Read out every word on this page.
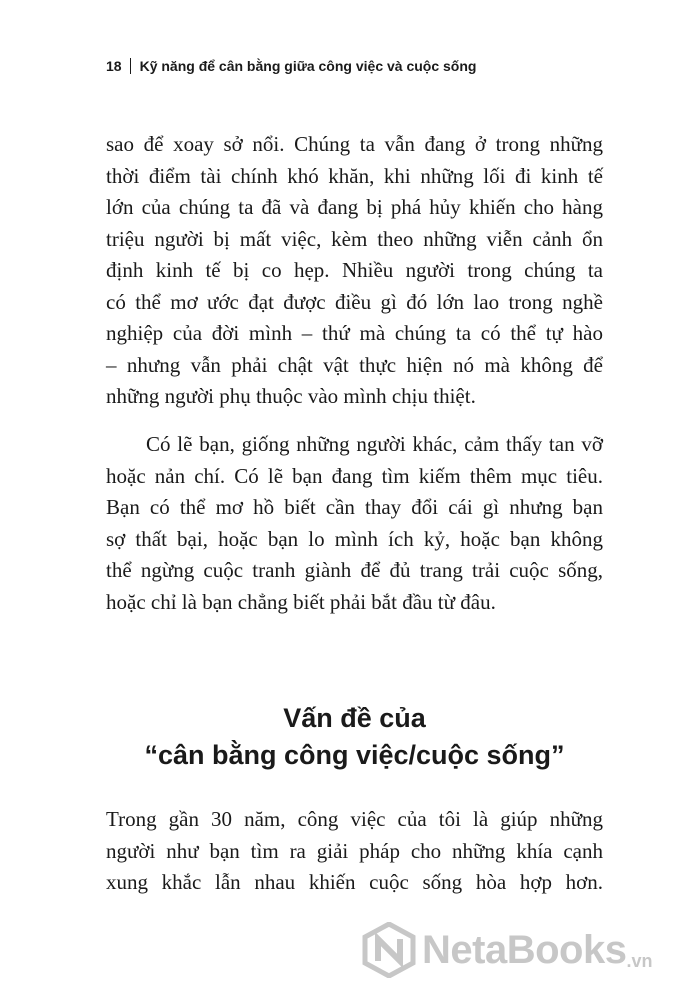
18 Kỹ năng để cân bằng giữa công việc và cuộc sống
sao để xoay sở nổi. Chúng ta vẫn đang ở trong những
thời điểm tài chính khó khăn, khi những lối đi kinh tế
lớn của chúng ta đã và đang bị phá hủy khiến cho hàng
triệu người bị mất việc, kèm theo những viễn cảnh ổn
định kinh tế bị co hẹp. Nhiều người trong chúng ta
có thể mơ ước đạt được điều gì đó lớn lao trong nghề
nghiệp của đời mình – thứ mà chúng ta có thể tự hào
– nhưng vẫn phải chật vật thực hiện nó mà không để
những người phụ thuộc vào mình chịu thiệt.
Có lẽ bạn, giống những người khác, cảm thấy tan vỡ
hoặc nản chí. Có lẽ bạn đang tìm kiếm thêm mục tiêu.
Bạn có thể mơ hồ biết cần thay đổi cái gì nhưng bạn
sợ thất bại, hoặc bạn lo mình ích kỷ, hoặc bạn không
thể ngừng cuộc tranh giành để đủ trang trải cuộc sống,
hoặc chỉ là bạn chẳng biết phải bắt đầu từ đâu.
Vấn đề của
“cân bằng công việc/cuộc sống”
Trong gần 30 năm, công việc của tôi là giúp những
người như bạn tìm ra giải pháp cho những khía cạnh
xung khắc lẫn nhau khiến cuộc sống hòa hợp hơn.
NetaBooks .vn
